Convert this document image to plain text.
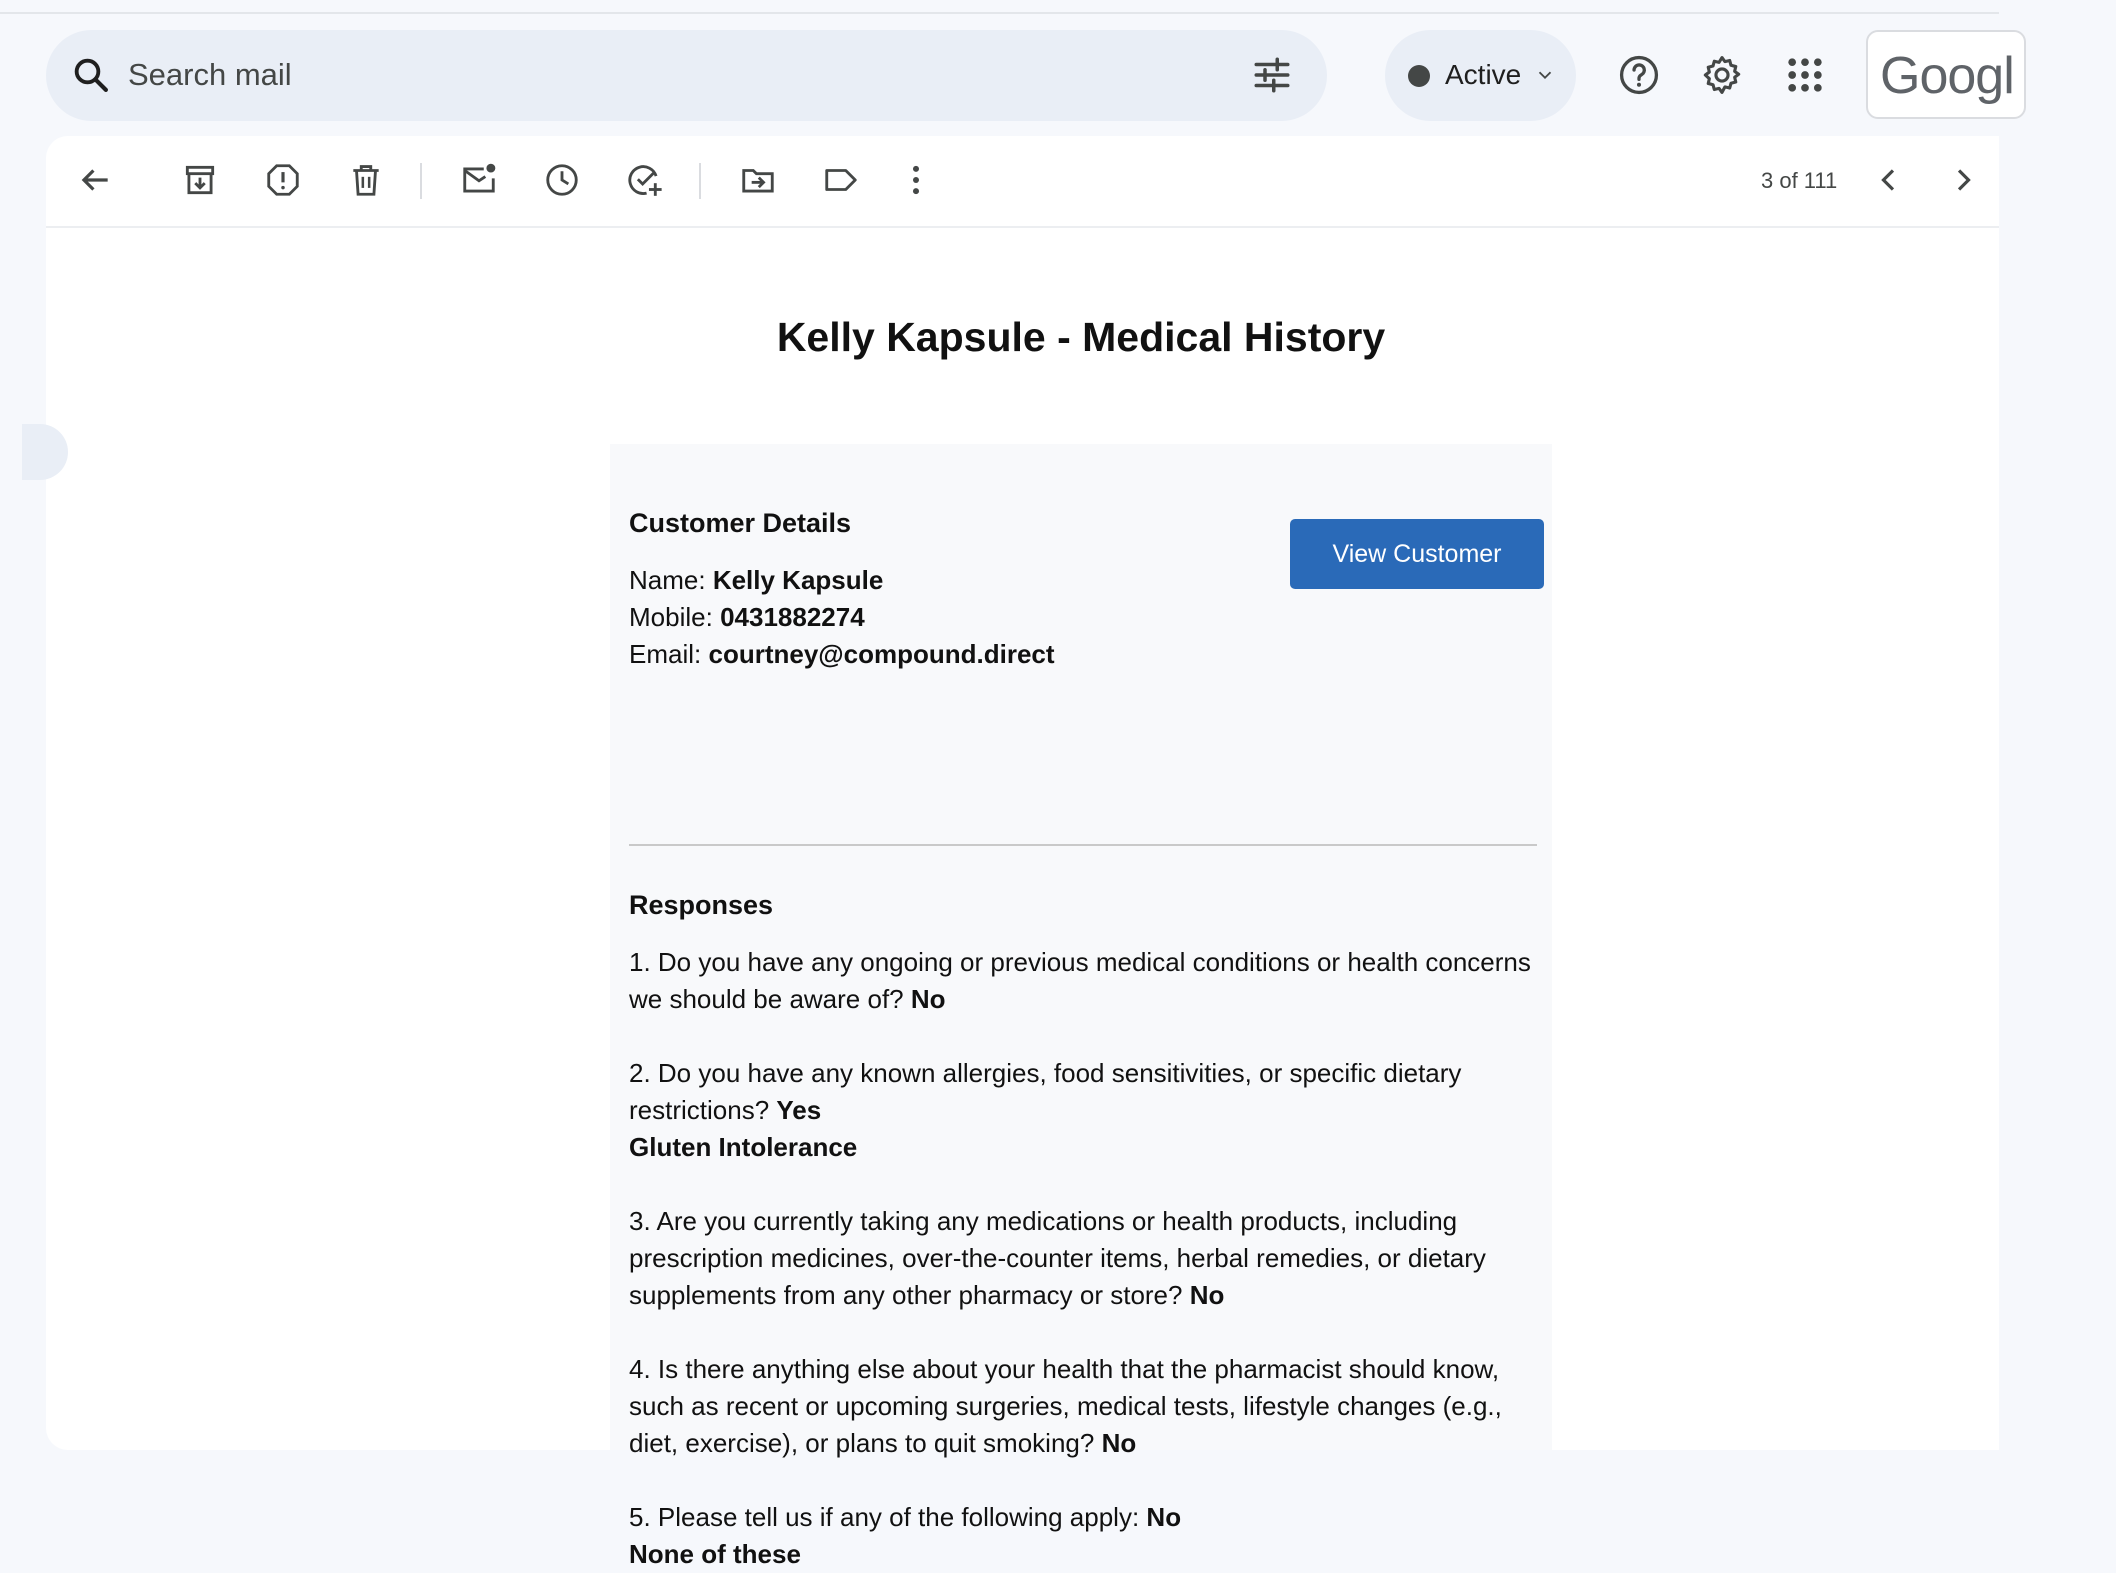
Search mail
Active	Googl
3 of 111
Kelly Kapsule - Medical History
Customer Details
Name: Kelly Kapsule
Mobile: 0431882274
Email: courtney@compound.direct
View Customer
Responses
1. Do you have any ongoing or previous medical conditions or health concerns we should be aware of? No
2. Do you have any known allergies, food sensitivities, or specific dietary restrictions? Yes
Gluten Intolerance
3. Are you currently taking any medications or health products, including prescription medicines, over-the-counter items, herbal remedies, or dietary supplements from any other pharmacy or store? No
4. Is there anything else about your health that the pharmacist should know, such as recent or upcoming surgeries, medical tests, lifestyle changes (e.g., diet, exercise), or plans to quit smoking? No
5. Please tell us if any of the following apply: No
None of these
